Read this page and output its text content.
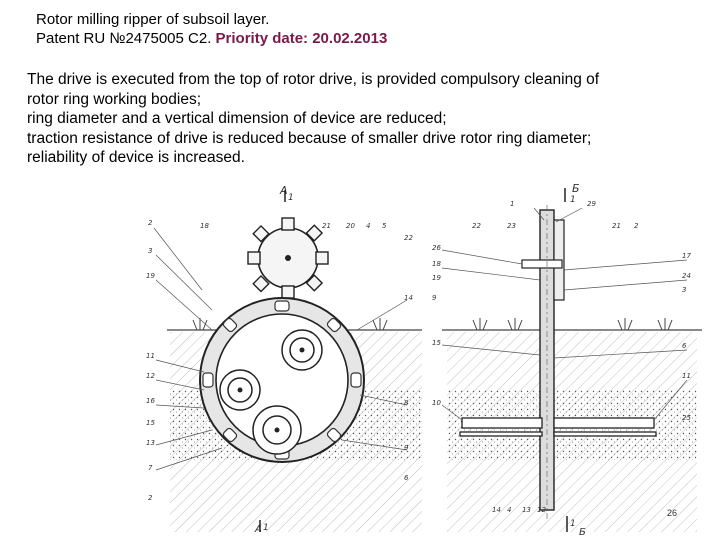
Rotor milling ripper of subsoil layer.
Patent RU №2475005 C2. Priority date: 20.02.2013
The drive is executed from the top of rotor drive, is provided compulsory cleaning of
rotor ring working bodies;
ring diameter and a vertical dimension of device are reduced;
traction resistance of drive is reduced because of smaller drive rotor ring diameter;
reliability of device is increased.
A
1
А 1
2	18	21 20 4 5
3
19
11
12
16
15
13
7
22
14
8
9
6
2
Б
1
Б
1
1	29
22	23	21 2
26
17
18
24
3
19
9
15	6
10
11
25
4 13 12
14	26
